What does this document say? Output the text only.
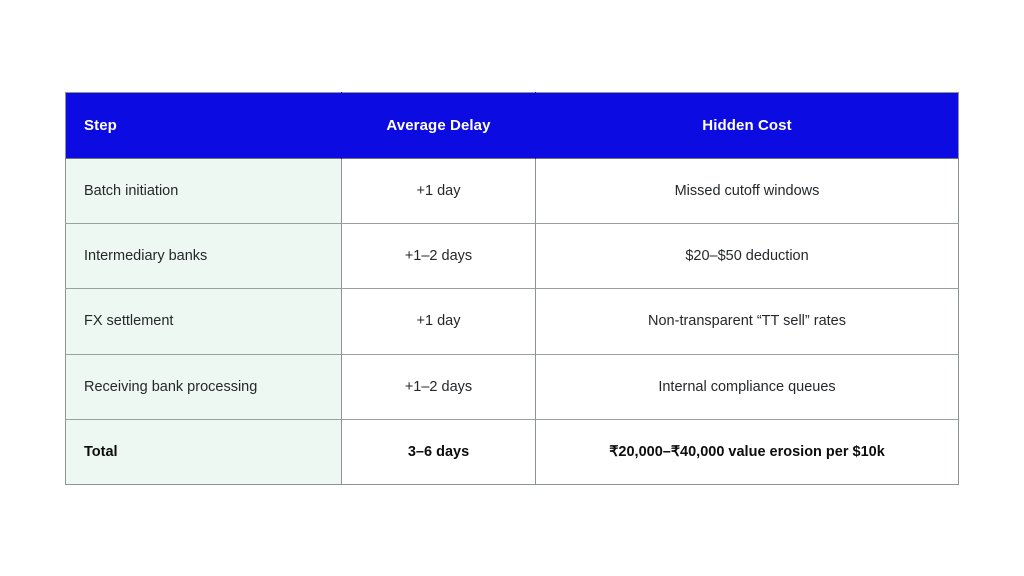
Step	Average Delay	Hidden Cost
Batch initiation	+1 day	Missed cutoff windows
Intermediary banks	+1–2 days	$20–$50 deduction
FX settlement	+1 day	Non-transparent “TT sell” rates
Receiving bank processing	+1–2 days	Internal compliance queues
Total	3–6 days	₹20,000–₹40,000 value erosion per $10k
